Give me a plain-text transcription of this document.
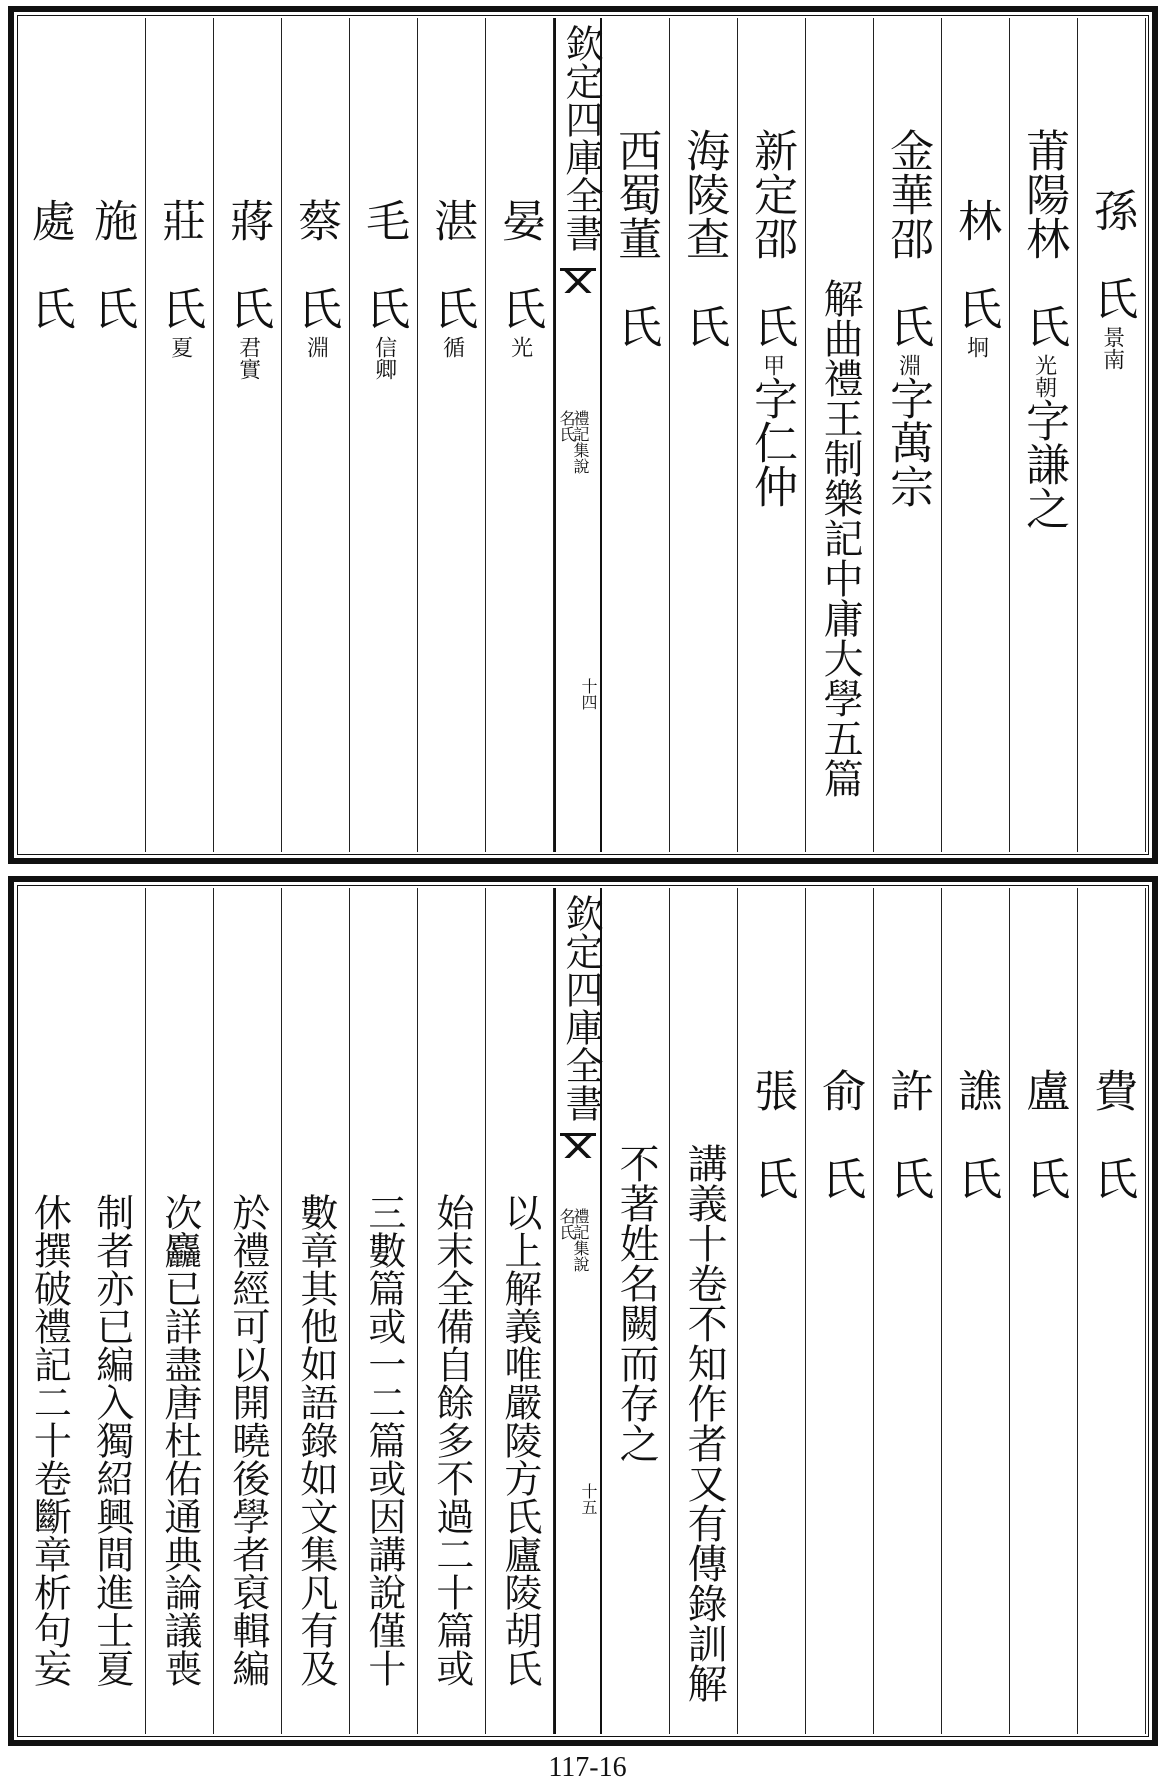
孫　氏
景南
莆陽林　氏
光朝
字謙之
林　氏
坰
金華邵　氏
淵
字萬宗
解曲禮王制樂記中庸大學五篇
新定邵　氏
甲
字仁仲
海陵查　氏
西蜀董　氏
欽定四庫全書
禮記集說
名氏
十四
晏　氏
光
湛　氏
循
毛　氏
信卿
蔡　氏
淵
蔣　氏
君實
莊　氏
夏
施　氏
處　氏
費　氏
盧　氏
譙　氏
許　氏
俞　氏
張　氏
講義十卷不知作者又有傳錄訓解
不著姓名闕而存之
欽定四庫全書
禮記集說
名氏
十五
以上解義唯嚴陵方氏廬陵胡氏
始末全備自餘多不過二十篇或
三數篇或一二篇或因講說僅十
數章其他如語錄如文集凡有及
於禮經可以開曉後學者裒輯編
次麤已詳盡唐杜佑通典論議喪
制者亦已編入獨紹興間進士夏
休撰破禮記二十卷斷章析句妄
117-16
